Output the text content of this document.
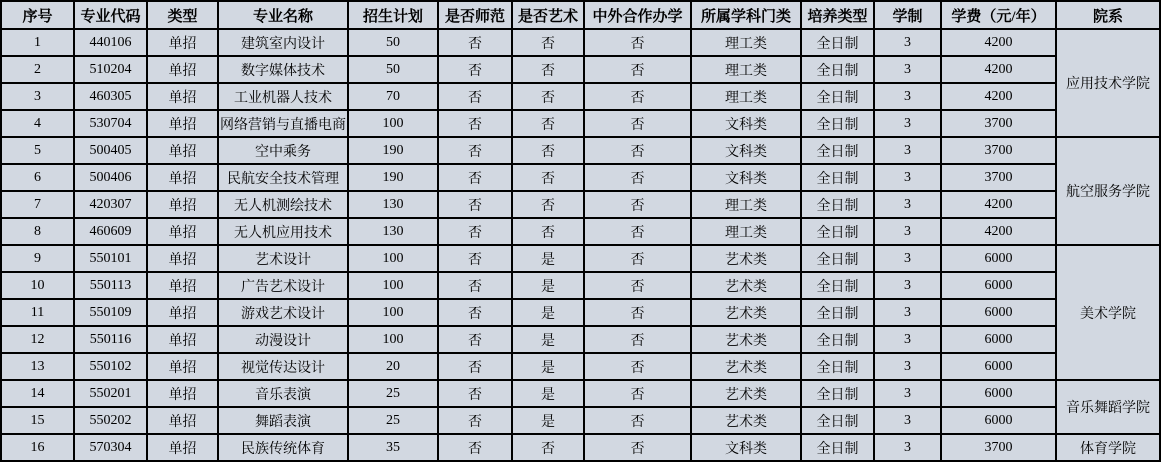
序号	专业代码	类型	专业名称	招生计划	是否师范	是否艺术	中外合作办学	所属学科门类	培养类型	学制	学费（元/年）	院系
1	440106	单招	建筑室内设计	50	否	否	否	理工类	全日制	3	4200	应用技术学院
2	510204	单招	数字媒体技术	50	否	否	否	理工类	全日制	3	4200	
3	460305	单招	工业机器人技术	70	否	否	否	理工类	全日制	3	4200	
4	530704	单招	网络营销与直播电商	100	否	否	否	文科类	全日制	3	3700	
5	500405	单招	空中乘务	190	否	否	否	文科类	全日制	3	3700	航空服务学院
6	500406	单招	民航安全技术管理	190	否	否	否	文科类	全日制	3	3700	
7	420307	单招	无人机测绘技术	130	否	否	否	理工类	全日制	3	4200	
8	460609	单招	无人机应用技术	130	否	否	否	理工类	全日制	3	4200	
9	550101	单招	艺术设计	100	否	是	否	艺术类	全日制	3	6000	美术学院
10	550113	单招	广告艺术设计	100	否	是	否	艺术类	全日制	3	6000	
11	550109	单招	游戏艺术设计	100	否	是	否	艺术类	全日制	3	6000	
12	550116	单招	动漫设计	100	否	是	否	艺术类	全日制	3	6000	
13	550102	单招	视觉传达设计	20	否	是	否	艺术类	全日制	3	6000	
14	550201	单招	音乐表演	25	否	是	否	艺术类	全日制	3	6000	音乐舞蹈学院
15	550202	单招	舞蹈表演	25	否	是	否	艺术类	全日制	3	6000	
16	570304	单招	民族传统体育	35	否	否	否	文科类	全日制	3	3700	体育学院
